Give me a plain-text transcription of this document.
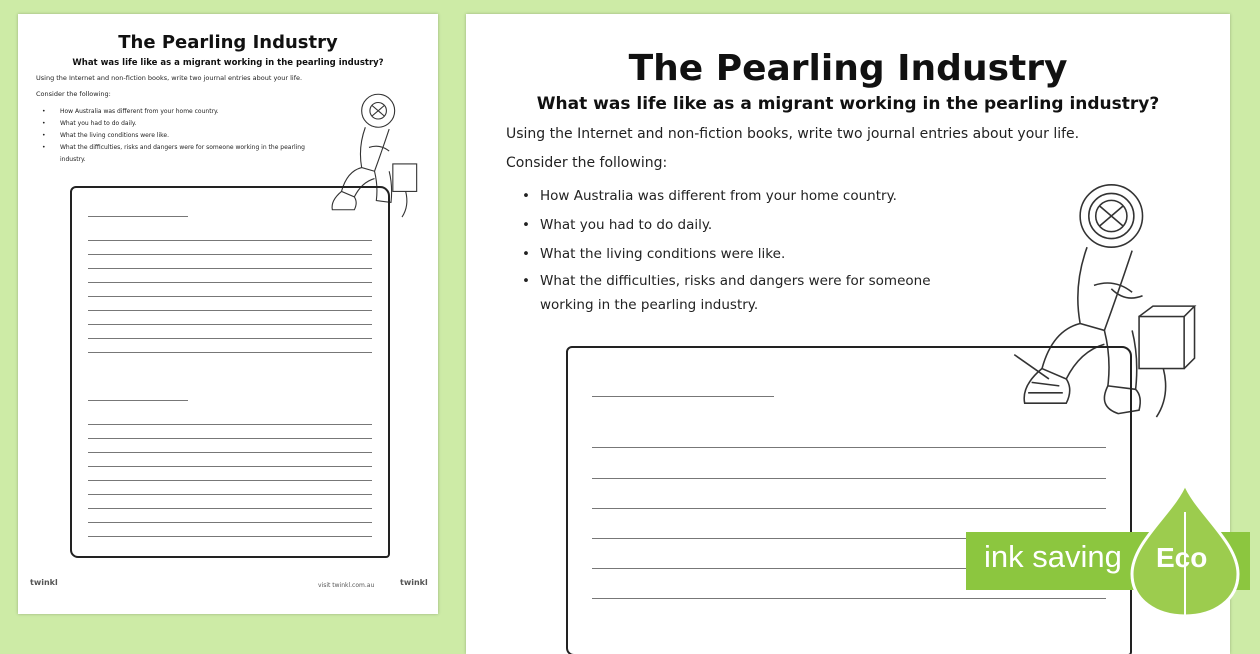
The Pearling Industry

What was life like as a migrant working in the pearling industry?

Using the Internet and non-fiction books, write two journal entries about your life.

Consider the following:

• How Australia was different from your home country.
• What you had to do daily.
• What the living conditions were like.
• What the difficulties, risks and dangers were for someone working in the pearling industry.
twinkl	visit twinkl.com.au	twinkl
The Pearling Industry

What was life like as a migrant working in the pearling industry?

Using the Internet and non-fiction books, write two journal entries about your life.

Consider the following:

• How Australia was different from your home country.
• What you had to do daily.
• What the living conditions were like.
• What the difficulties, risks and dangers were for someone working in the pearling industry.
ink saving Eco
